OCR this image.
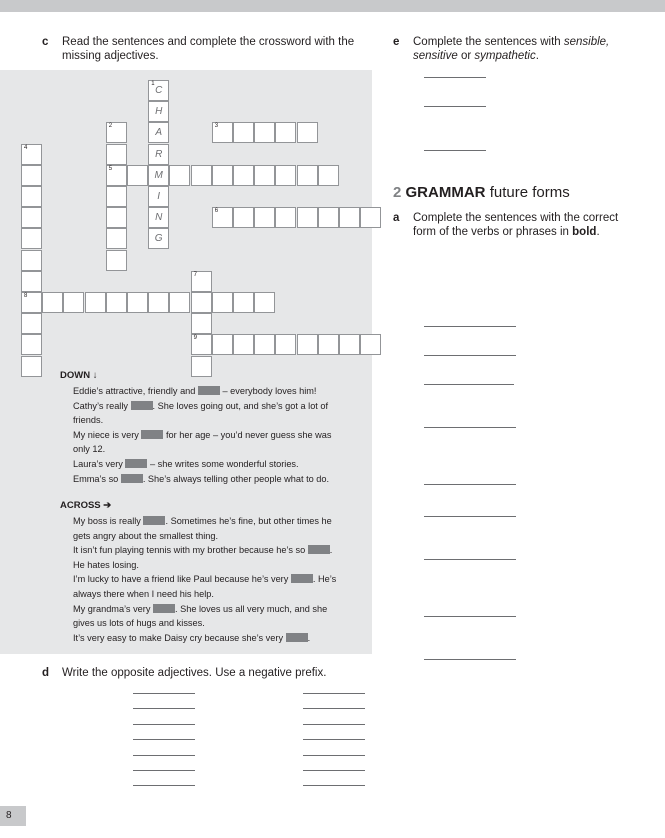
c Read the sentences and complete the crossword with the
missing adjectives.
5
M
6
8
9
3
1
C
H
A
R
I
N
G
2
4
7
DOWN ↓
Eddie’s attractive, friendly and  – everybody loves him!
Cathy’s really . She loves going out, and she’s got a lot of
friends.
My niece is very  for her age – you’d never guess she was
only 12.
Laura’s very  – she writes some wonderful stories.
Emma’s so . She’s always telling other people what to do.
ACROSS ➔
My boss is really . Sometimes he’s fine, but other times he
gets angry about the smallest thing.
It isn’t fun playing tennis with my brother because he’s so .
He hates losing.
I’m lucky to have a friend like Paul because he’s very . He’s
always there when I need his help.
My grandma’s very . She loves us all very much, and she
gives us lots of hugs and kisses.
It’s very easy to make Daisy cry because she’s very .
d Write the opposite adjectives. Use a negative prefix.
e Complete the sentences with sensible,
sensitive or sympathetic.

2 GRAMMAR future forms
a Complete the sentences with the correct
form of the verbs or phrases in bold.

8
